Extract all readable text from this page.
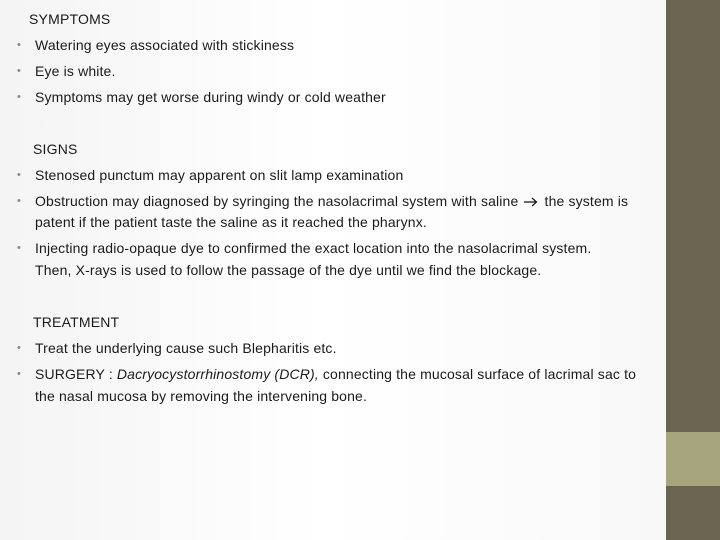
SYMPTOMS
• Watering eyes associated with stickiness
• Eye is white.
• Symptoms may get worse during windy or cold weather
SIGNS
• Stenosed punctum may apparent on slit lamp examination
• Obstruction may diagnosed by syringing the nasolacrimal system with saline the system is
patent if the patient taste the saline as it reached the pharynx.
• Injecting radio-opaque dye to confirmed the exact location into the nasolacrimal system.
Then, X-rays is used to follow the passage of the dye until we find the blockage.
TREATMENT
• Treat the underlying cause such Blepharitis etc.
• SURGERY : Dacryocystorrhinostomy (DCR), connecting the mucosal surface of lacrimal sac to
the nasal mucosa by removing the intervening bone.
